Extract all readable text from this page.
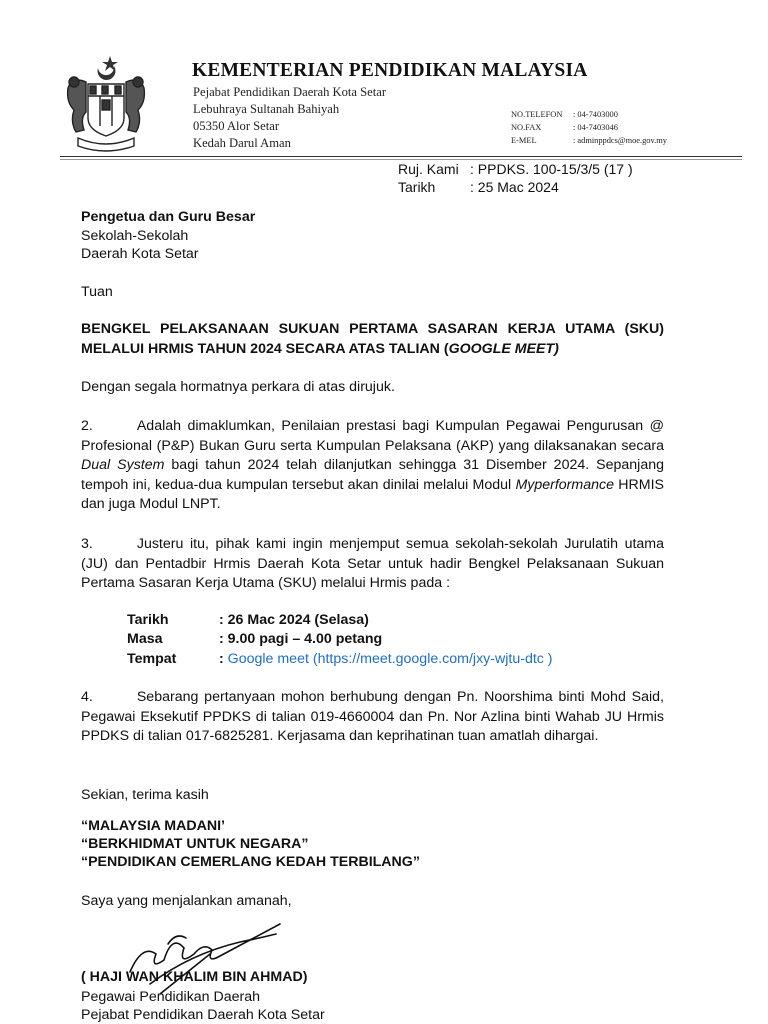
KEMENTERIAN PENDIDIKAN MALAYSIA
Pejabat Pendidikan Daerah Kota Setar
Lebuhraya Sultanah Bahiyah
05350 Alor Setar
Kedah Darul Aman
NO.TELEFON : 04-7403000
NO.FAX	: 04-7403046
E-MEL	: adminppdcs@moe.gov.my
Ruj. Kami : PPDKS. 100-15/3/5 (17 )
Tarikh : 25 Mac 2024
Pengetua dan Guru Besar
Sekolah-Sekolah
Daerah Kota Setar
Tuan

BENGKEL PELAKSANAAN SUKUAN PERTAMA SASARAN KERJA UTAMA (SKU) MELALUI HRMIS TAHUN 2024 SECARA ATAS TALIAN (GOOGLE MEET)

Dengan segala hormatnya perkara di atas dirujuk.

2.	Adalah dimaklumkan, Penilaian prestasi bagi Kumpulan Pegawai Pengurusan @ Profesional (P&P) Bukan Guru serta Kumpulan Pelaksana (AKP) yang dilaksanakan secara Dual System bagi tahun 2024 telah dilanjutkan sehingga 31 Disember 2024. Sepanjang tempoh ini, kedua-dua kumpulan tersebut akan dinilai melalui Modul Myperformance HRMIS dan juga Modul LNPT.

3.	Justeru itu, pihak kami ingin menjemput semua sekolah-sekolah Jurulatih utama (JU) dan Pentadbir Hrmis Daerah Kota Setar untuk hadir Bengkel Pelaksanaan Sukuan Pertama Sasaran Kerja Utama (SKU) melalui Hrmis pada :

Tarikh	: 26 Mac 2024 (Selasa)
Masa	: 9.00 pagi – 4.00 petang
Tempat	: Google meet (https://meet.google.com/jxy-wjtu-dtc )

4.	Sebarang pertanyaan mohon berhubung dengan Pn. Noorshima binti Mohd Said, Pegawai Eksekutif PPDKS di talian 019-4660004 dan Pn. Nor Azlina binti Wahab JU Hrmis PPDKS di talian 017-6825281. Kerjasama dan keprihatinan tuan amatlah dihargai.

Sekian, terima kasih
“MALAYSIA MADANI’
“BERKHIDMAT UNTUK NEGARA”
“PENDIDIKAN CEMERLANG KEDAH TERBILANG”
Saya yang menjalankan amanah,
( HAJI WAN KHALIM BIN AHMAD)
Pegawai Pendidikan Daerah
Pejabat Pendidikan Daerah Kota Setar
